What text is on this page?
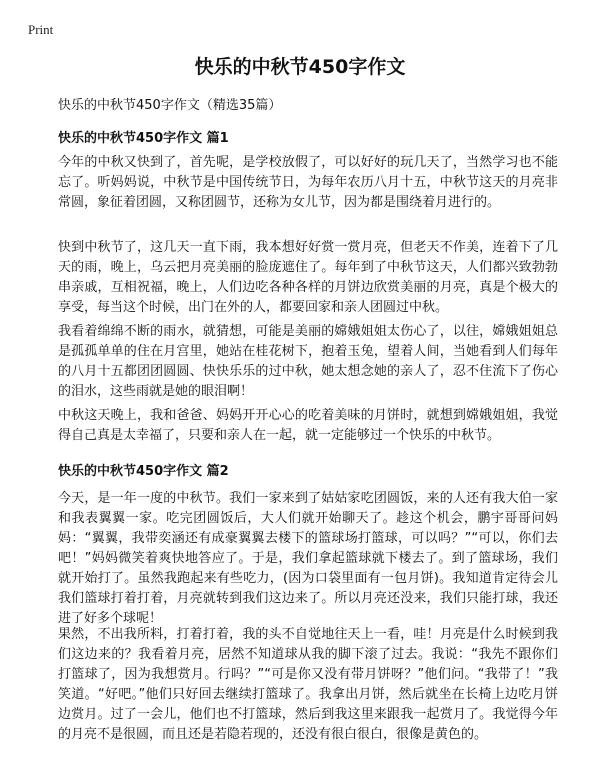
Print
快乐的中秋节450字作文
快乐的中秋节450字作文（精选35篇）
快乐的中秋节450字作文 篇1

今年的中秋又快到了，首先呢，是学校放假了，可以好好的玩几天了，当然学习也不能忘了。听妈妈说，中秋节是中国传统节日，为每年农历八月十五，中秋节这天的月亮非常圆，象征着团圆，又称团圆节，还称为女儿节，因为都是围绕着月进行的。

快到中秋节了，这几天一直下雨，我本想好好赏一赏月亮，但老天不作美，连着下了几天的雨，晚上，乌云把月亮美丽的脸庞遮住了。每年到了中秋节这天，人们都兴致勃勃串亲戚，互相祝福，晚上，人们边吃各种各样的月饼边欣赏美丽的月亮，真是个极大的享受，每当这个时候，出门在外的人，都要回家和亲人团圆过中秋。

我看着绵绵不断的雨水，就猜想，可能是美丽的嫦娥姐姐太伤心了，以往，嫦娥姐姐总是孤孤单单的住在月宫里，她站在桂花树下，抱着玉兔，望着人间，当她看到人们每年的八月十五都团团圆圆、快快乐乐的过中秋，她太想念她的亲人了，忍不住流下了伤心的泪水，这些雨就是她的眼泪啊！

中秋这天晚上，我和爸爸、妈妈开开心心的吃着美味的月饼时，就想到嫦娥姐姐，我觉得自己真是太幸福了，只要和亲人在一起，就一定能够过一个快乐的中秋节。

快乐的中秋节450字作文 篇2

今天，是一年一度的中秋节。我们一家来到了姑姑家吃团圆饭，来的人还有我大伯一家和我表翼翼一家。吃完团圆饭后，大人们就开始聊天了。趁这个机会，鹏宇哥哥问妈妈：“翼翼，我带奕涵还有成豪翼翼去楼下的篮球场打篮球，可以吗？”“可以，你们去吧！”妈妈微笑着爽快地答应了。于是，我们拿起篮球就下楼去了。到了篮球场，我们就开始打了。虽然我跑起来有些吃力，(因为口袋里面有一包月饼)。我知道肯定待会儿我们篮球打着打着，月亮就转到我们这边来了。所以月亮还没来，我们只能打球，我还进了好多个球呢！

果然，不出我所料，打着打着，我的头不自觉地往天上一看，哇！月亮是什么时候到我们这边来的？我看着月亮，居然不知道球从我的脚下滚了过去。我说：“我先不跟你们打篮球了，因为我想赏月。行吗？”“可是你又没有带月饼呀？”他们问。“我带了！”我笑道。“好吧。”他们只好回去继续打篮球了。我拿出月饼，然后就坐在长椅上边吃月饼边赏月。过了一会儿，他们也不打篮球，然后到我这里来跟我一起赏月了。我觉得今年的月亮不是很圆，而且还是若隐若现的，还没有很白很白，很像是黄色的。
